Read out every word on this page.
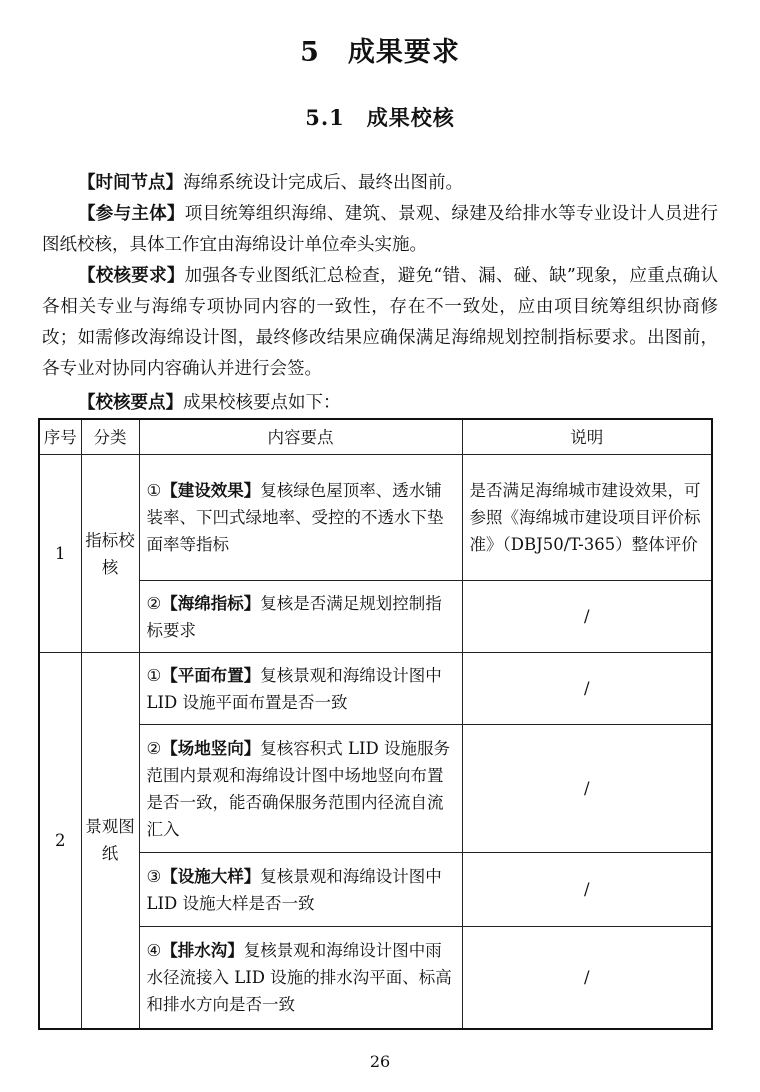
5　成果要求
5.1　成果校核

【时间节点】海绵系统设计完成后、最终出图前。

【参与主体】项目统筹组织海绵、建筑、景观、绿建及给排水等专业设计人员进行图纸校核，具体工作宜由海绵设计单位牵头实施。

【校核要求】加强各专业图纸汇总检查，避免“错、漏、碰、缺”现象，应重点确认各相关专业与海绵专项协同内容的一致性，存在不一致处，应由项目统筹组织协商修改；如需修改海绵设计图，最终修改结果应确保满足海绵规划控制指标要求。出图前，各专业对协同内容确认并进行会签。

【校核要点】成果校核要点如下：

序号	分类	内容要点	说明
1	指标校核	①【建设效果】复核绿色屋顶率、透水铺装率、下凹式绿地率、受控的不透水下垫面率等指标	是否满足海绵城市建设效果，可参照《海绵城市建设项目评价标准》（DBJ50/T-365）整体评价
		②【海绵指标】复核是否满足规划控制指标要求	/
2	景观图纸	①【平面布置】复核景观和海绵设计图中 LID 设施平面布置是否一致	/
		②【场地竖向】复核容积式 LID 设施服务范围内景观和海绵设计图中场地竖向布置是否一致，能否确保服务范围内径流自流汇入	/
		③【设施大样】复核景观和海绵设计图中 LID 设施大样是否一致	/
		④【排水沟】复核景观和海绵设计图中雨水径流接入 LID 设施的排水沟平面、标高和排水方向是否一致	/
26
